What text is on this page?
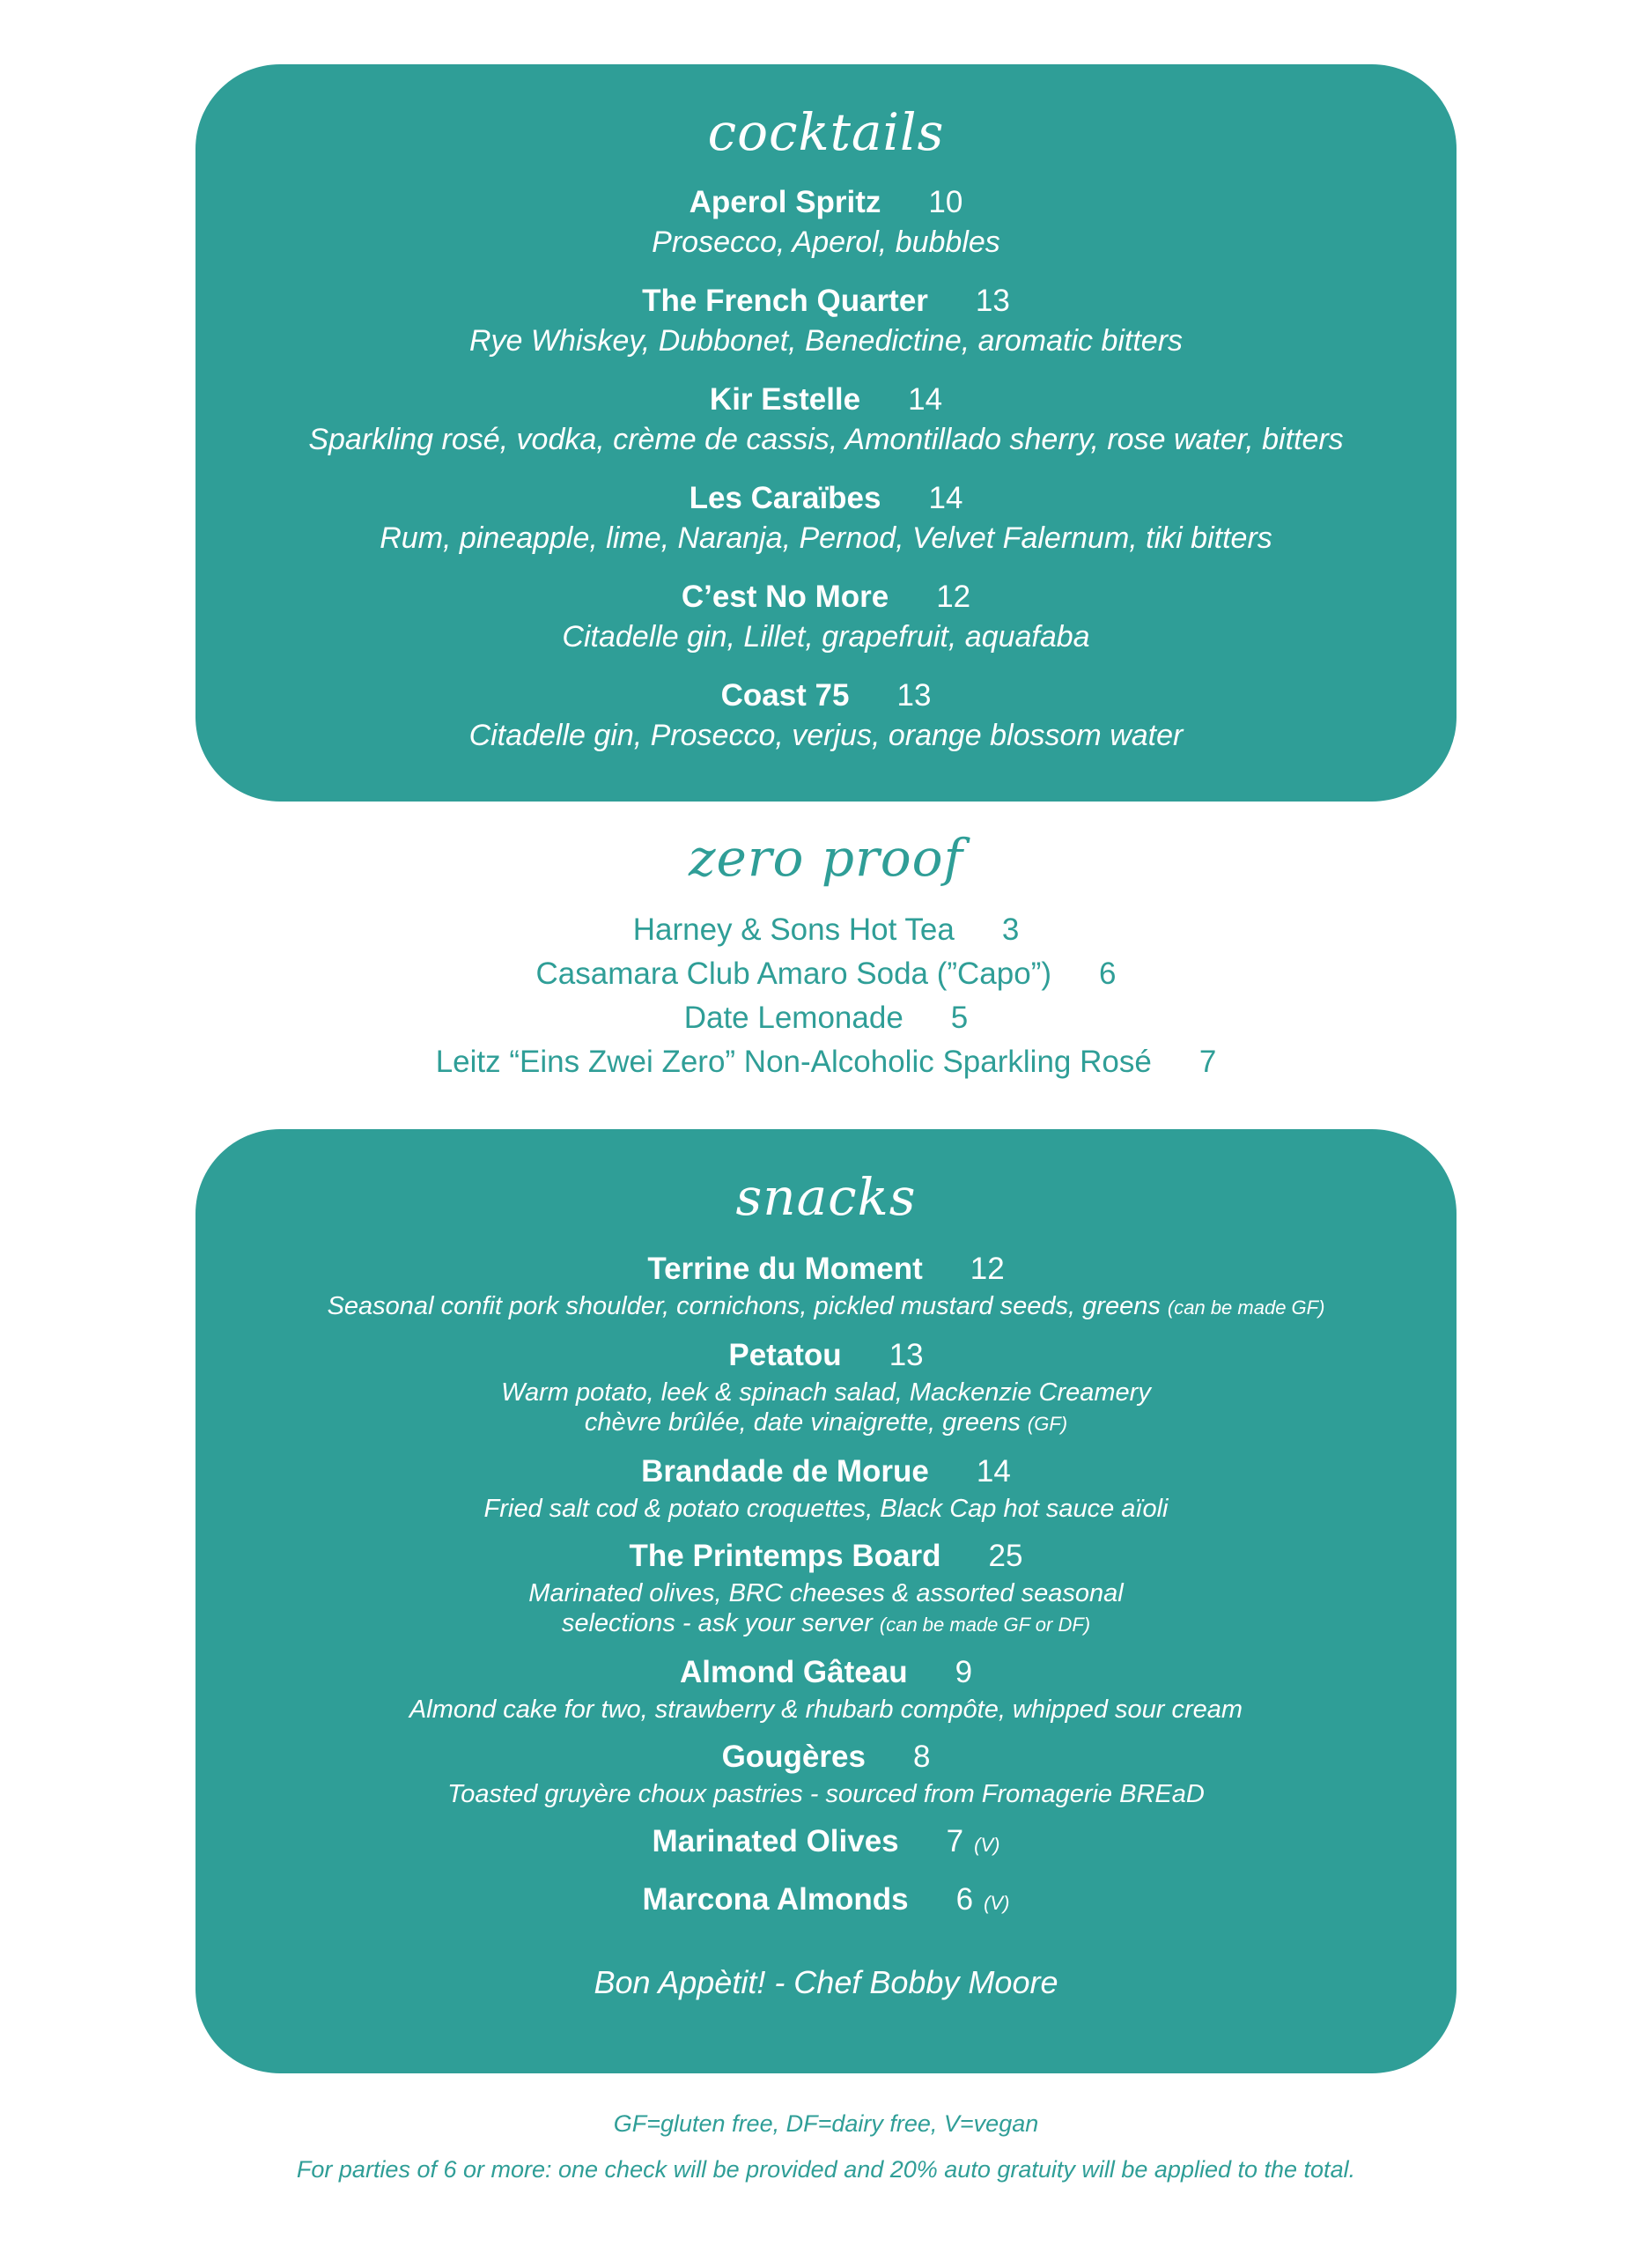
cocktails
Aperol Spritz 10
Prosecco, Aperol, bubbles
The French Quarter 13
Rye Whiskey, Dubbonet, Benedictine, aromatic bitters
Kir Estelle 14
Sparkling rosé, vodka, crème de cassis, Amontillado sherry, rose water, bitters
Les Caraïbes 14
Rum, pineapple, lime, Naranja, Pernod, Velvet Falernum, tiki bitters
C’est No More 12
Citadelle gin, Lillet, grapefruit, aquafaba
Coast 75 13
Citadelle gin, Prosecco, verjus, orange blossom water
zero proof
Harney & Sons Hot Tea 3
Casamara Club Amaro Soda (”Capo”) 6
Date Lemonade 5
Leitz “Eins Zwei Zero” Non-Alcoholic Sparkling Rosé 7
snacks
Terrine du Moment 12
Seasonal confit pork shoulder, cornichons, pickled mustard seeds, greens (can be made GF)
Petatou 13
Warm potato, leek & spinach salad, Mackenzie Creamery
chèvre brûlée, date vinaigrette, greens (GF)
Brandade de Morue 14
Fried salt cod & potato croquettes, Black Cap hot sauce aïoli
The Printemps Board 25
Marinated olives, BRC cheeses & assorted seasonal
selections - ask your server (can be made GF or DF)
Almond Gâteau 9
Almond cake for two, strawberry & rhubarb compôte, whipped sour cream
Gougères 8
Toasted gruyère choux pastries - sourced from Fromagerie BREaD
Marinated Olives 7 (V)
Marcona Almonds 6 (V)
Bon Appètit! - Chef Bobby Moore
GF=gluten free, DF=dairy free, V=vegan
For parties of 6 or more: one check will be provided and 20% auto gratuity will be applied to the total.
